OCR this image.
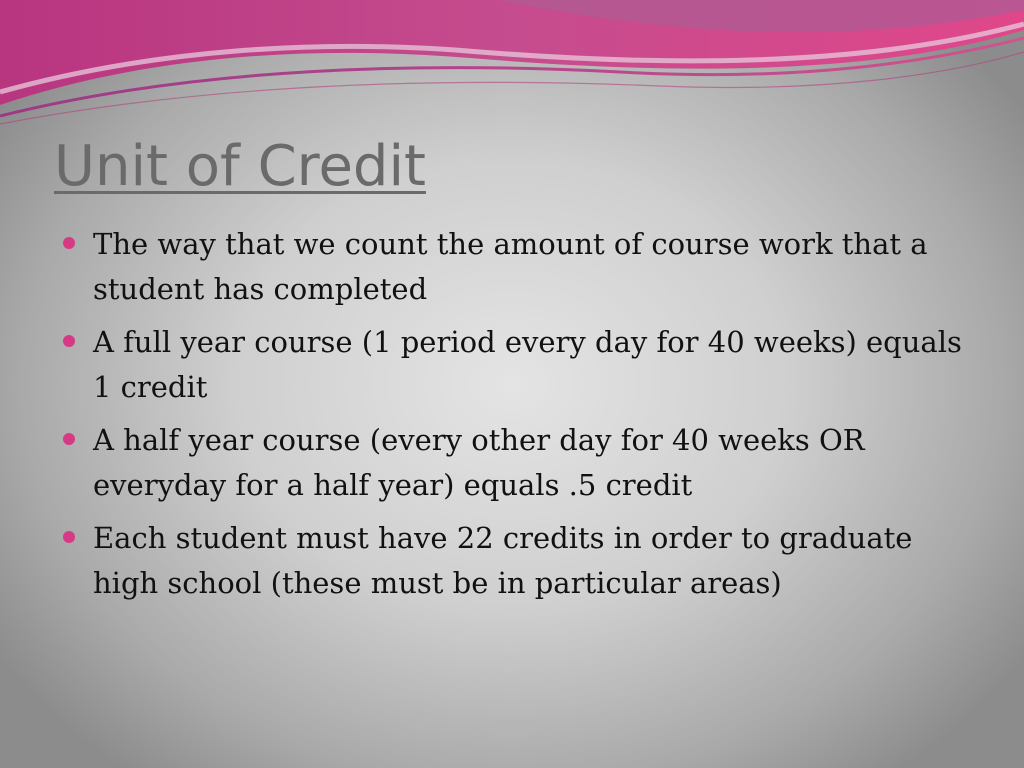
Unit of Credit
The way that we count the amount of course work that a student has completed
A full year course (1 period every day for 40 weeks) equals 1 credit
A half year course (every other day for 40 weeks OR everyday for a half year) equals .5 credit
Each student must have 22 credits in order to graduate high school (these must be in particular areas)
